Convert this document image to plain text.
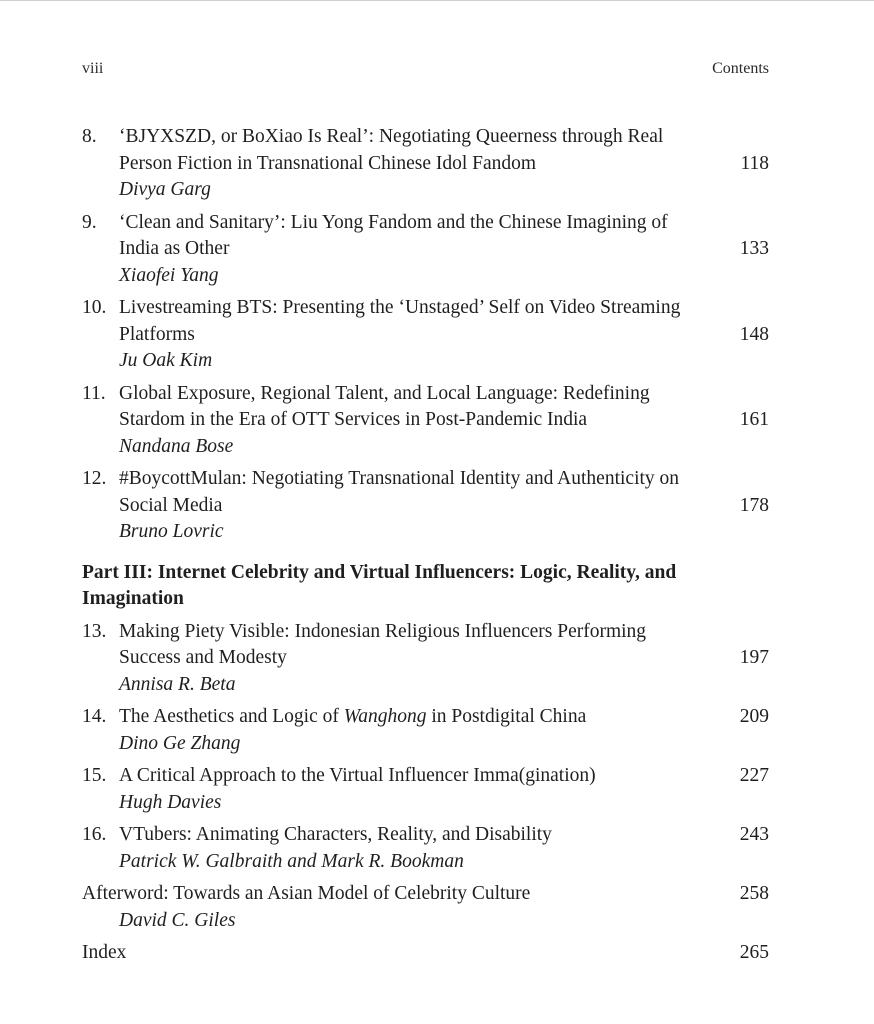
viii	Contents
8. ‘BJYXSZD, or BoXiao Is Real’: Negotiating Queerness through Real Person Fiction in Transnational Chinese Idol Fandom
Divya Garg
118
9. ‘Clean and Sanitary’: Liu Yong Fandom and the Chinese Imagining of India as Other
Xiaofei Yang
133
10. Livestreaming BTS: Presenting the ‘Unstaged’ Self on Video Streaming Platforms
Ju Oak Kim
148
11. Global Exposure, Regional Talent, and Local Language: Redefining Stardom in the Era of OTT Services in Post-Pandemic India
Nandana Bose
161
12. #BoycottMulan: Negotiating Transnational Identity and Authenticity on Social Media
Bruno Lovric
178
Part III: Internet Celebrity and Virtual Influencers: Logic, Reality, and Imagination
13. Making Piety Visible: Indonesian Religious Influencers Performing Success and Modesty
Annisa R. Beta
197
14. The Aesthetics and Logic of Wanghong in Postdigital China
Dino Ge Zhang
209
15. A Critical Approach to the Virtual Influencer Imma(gination)
Hugh Davies
227
16. VTubers: Animating Characters, Reality, and Disability
Patrick W. Galbraith and Mark R. Bookman
243
Afterword: Towards an Asian Model of Celebrity Culture
David C. Giles
258
Index	265
